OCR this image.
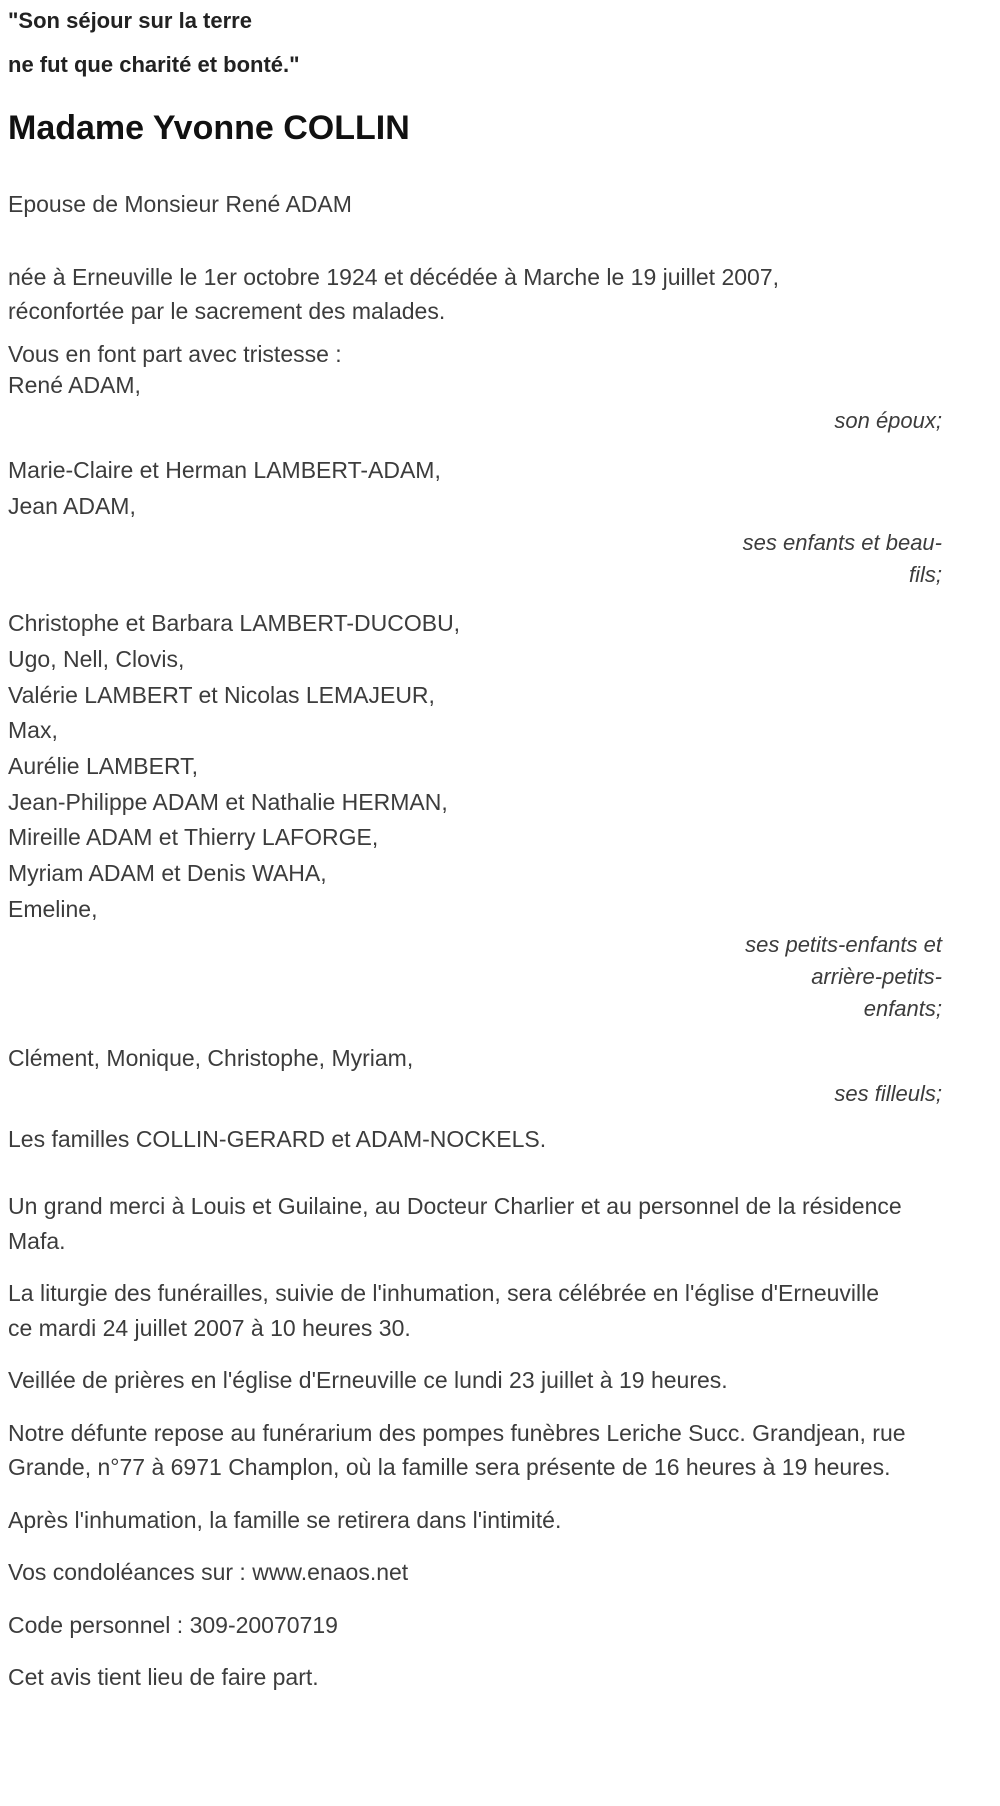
"Son séjour sur la terre
ne fut que charité et bonté."
Madame Yvonne COLLIN
Epouse de Monsieur René ADAM
née à Erneuville le 1er octobre 1924 et décédée à Marche le 19 juillet 2007, réconfortée par le sacrement des malades.
Vous en font part avec tristesse :
René ADAM,
son époux;
Marie-Claire et Herman LAMBERT-ADAM,
Jean ADAM,
ses enfants et beau-fils;
Christophe et Barbara LAMBERT-DUCOBU,
Ugo, Nell, Clovis,
Valérie LAMBERT et Nicolas LEMAJEUR,
Max,
Aurélie LAMBERT,
Jean-Philippe ADAM et Nathalie HERMAN,
Mireille ADAM et Thierry LAFORGE,
Myriam ADAM et Denis WAHA,
Emeline,
ses petits-enfants et arrière-petits-enfants;
Clément, Monique, Christophe, Myriam,
ses filleuls;
Les familles COLLIN-GERARD et ADAM-NOCKELS.

Un grand merci à Louis et Guilaine, au Docteur Charlier et au personnel de la résidence Mafa.

La liturgie des funérailles, suivie de l'inhumation, sera célébrée en l'église d'Erneuville ce mardi 24 juillet 2007 à 10 heures 30.

Veillée de prières en l'église d'Erneuville ce lundi 23 juillet à 19 heures.

Notre défunte repose au funérarium des pompes funèbres Leriche Succ. Grandjean, rue Grande, n°77 à 6971 Champlon, où la famille sera présente de 16 heures à 19 heures.

Après l'inhumation, la famille se retirera dans l'intimité.

Vos condoléances sur : www.enaos.net

Code personnel : 309-20070719

Cet avis tient lieu de faire part.
